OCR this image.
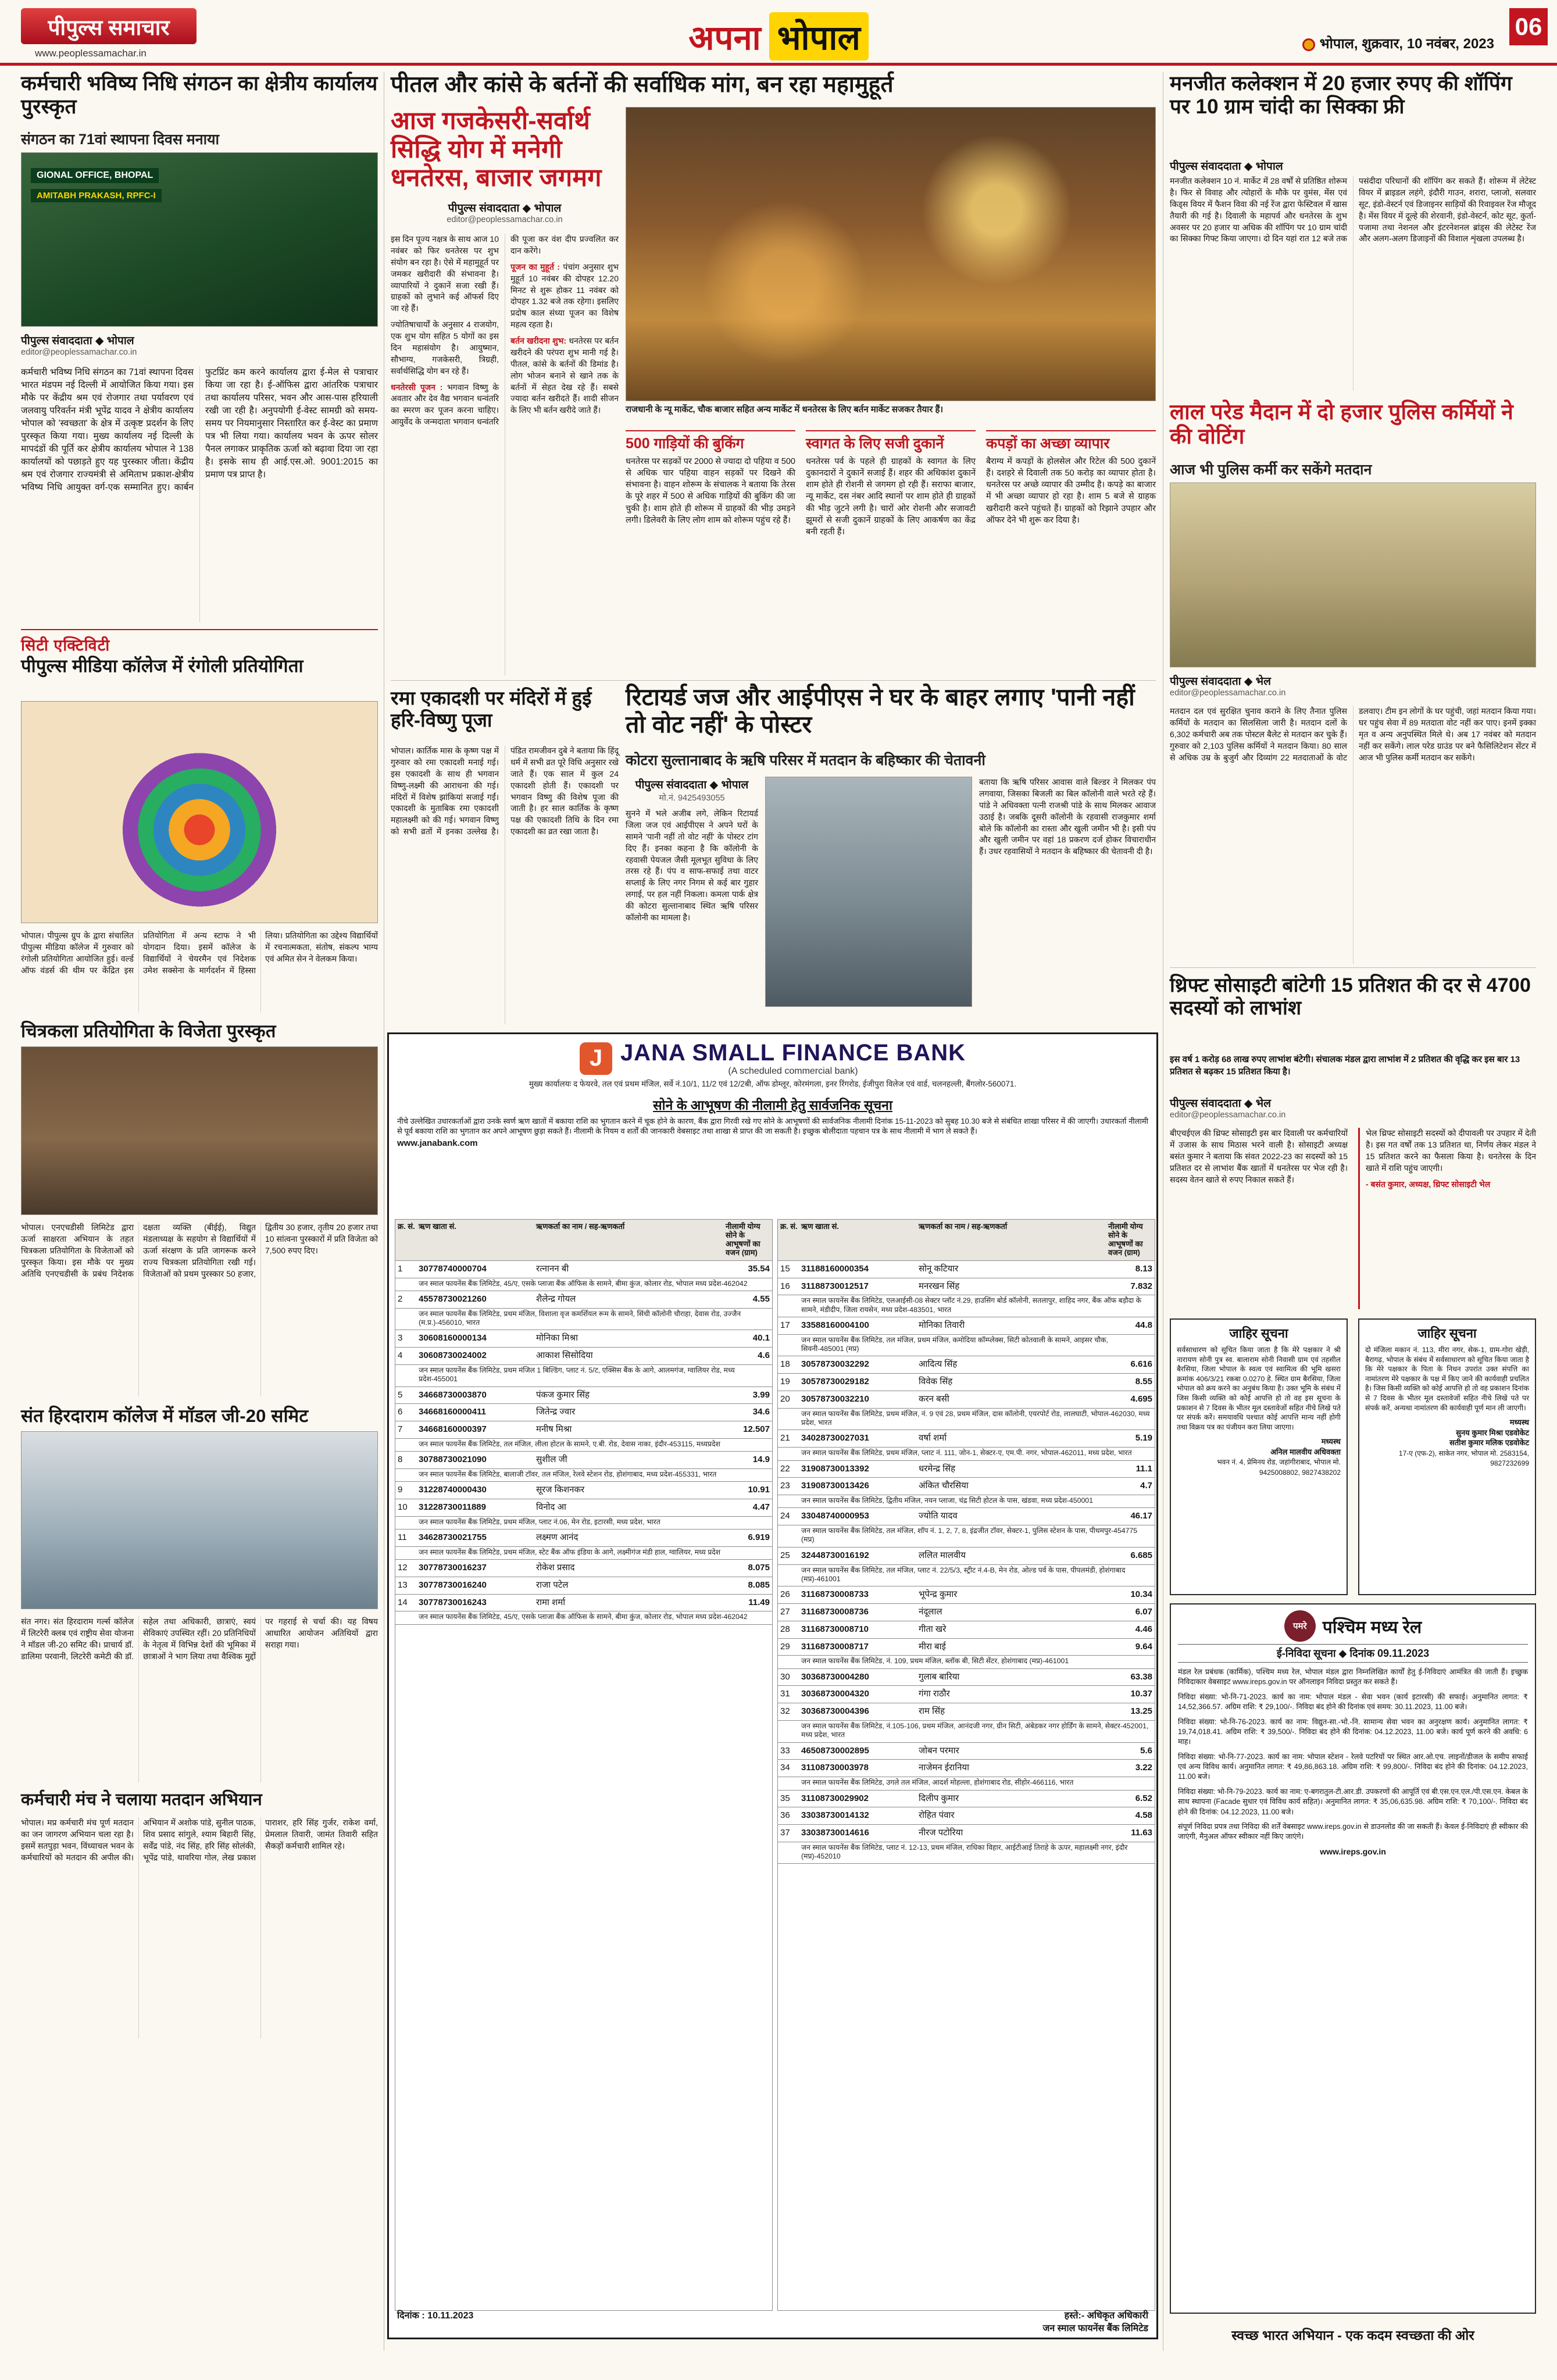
पीपुल्स समाचार
www.peoplessamachar.in	अपना भोपाल	भोपाल, शुक्रवार, 10 नवंबर, 2023
06
कर्मचारी भविष्य निधि संगठन का क्षेत्रीय कार्यालय पुरस्कृत
संगठन का 71वां स्थापना दिवस मनाया
GIONAL OFFICE, BHOPAL
AMITABH PRAKASH, RPFC-I
पीपुल्स संवाददाता ◆ भोपाल
editor@peoplessamachar.co.in
कर्मचारी भविष्य निधि संगठन का 71वां स्थापना दिवस भारत मंडपम नई दिल्ली में आयोजित किया गया। इस मौके पर केंद्रीय श्रम एवं रोजगार तथा पर्यावरण एवं जलवायु परिवर्तन मंत्री भूपेंद्र यादव ने क्षेत्रीय कार्यालय भोपाल को 'स्वच्छता' के क्षेत्र में उत्कृष्ट प्रदर्शन के लिए पुरस्कृत किया गया। मुख्य कार्यालय नई दिल्ली के मापदंडों की पूर्ति कर क्षेत्रीय कार्यालय भोपाल ने 138 कार्यालयों को पछाड़ते हुए यह पुरस्कार जीता। केंद्रीय श्रम एवं रोजगार राज्यमंत्री से अमिताभ प्रकाश-क्षेत्रीय भविष्य निधि आयुक्त वर्ग-एक सम्मानित हुए। कार्बन फुटप्रिंट कम करने कार्यालय द्वारा ई-मेल से पत्राचार किया जा रहा है। ई-ऑफिस द्वारा आंतरिक पत्राचार तथा कार्यालय परिसर, भवन और आस-पास हरियाली रखी जा रही है। अनुपयोगी ई-वेस्ट सामग्री को समय-समय पर नियमानुसार निस्तारित कर ई-वेस्ट का प्रमाण पत्र भी लिया गया। कार्यालय भवन के ऊपर सोलर पैनल लगाकर प्राकृतिक ऊर्जा को बढ़ावा दिया जा रहा है। इसके साथ ही आई.एस.ओ. 9001:2015 का प्रमाण पत्र प्राप्त है।
सिटी एक्टिविटी
पीपुल्स मीडिया कॉलेज में रंगोली प्रतियोगिता
भोपाल। पीपुल्स ग्रुप के द्वारा संचालित पीपुल्स मीडिया कॉलेज में गुरुवार को रंगोली प्रतियोगिता आयोजित हुई। वर्ल्ड ऑफ वंडर्स की थीम पर केंद्रित इस प्रतियोगिता में अन्य स्टाफ ने भी योगदान दिया। इसमें कॉलेज के विद्यार्थियों ने चेयरमैन एवं निदेशक उमेश सक्सेना के मार्गदर्शन में हिस्सा लिया। प्रतियोगिता का उद्देश्य विद्यार्थियों में रचनात्मकता, संतोष, संकल्प भाग्य एवं अमित सेन ने वेलकम किया।
चित्रकला प्रतियोगिता के विजेता पुरस्कृत
भोपाल। एनएचडीसी लिमिटेड द्वारा ऊर्जा साक्षरता अभियान के तहत चित्रकला प्रतियोगिता के विजेताओं को पुरस्कृत किया। इस मौके पर मुख्य अतिथि एनएचडीसी के प्रबंध निदेशक दक्षता व्यक्ति (बीईई), विद्युत मंडलाध्यक्ष के सहयोग से विद्यार्थियों में ऊर्जा संरक्षण के प्रति जागरूक करने राज्य चित्रकला प्रतियोगिता रखी गई। विजेताओं को प्रथम पुरस्कार 50 हजार, द्वितीय 30 हजार, तृतीय 20 हजार तथा 10 सांत्वना पुरस्कारों में प्रति विजेता को 7,500 रुपए दिए।
संत हिरदाराम कॉलेज में मॉडल जी-20 समिट
संत नगर। संत हिरदाराम गर्ल्स कॉलेज में लिटरेरी क्लब एवं राष्ट्रीय सेवा योजना ने मॉडल जी-20 समिट की। प्राचार्य डॉ. डालिमा परवानी, लिटरेरी कमेटी की डॉ. सहेल तथा अधिकारी, छात्राएं, स्वयं सेविकाएं उपस्थित रहीं। 20 प्रतिनिधियों के नेतृत्व में विभिन्न देशों की भूमिका में छात्राओं ने भाग लिया तथा वैश्विक मुद्दों पर गहराई से चर्चा की। यह विषय आधारित आयोजन अतिथियों द्वारा सराहा गया।
कर्मचारी मंच ने चलाया मतदान अभियान
भोपाल। मप्र कर्मचारी मंच पूर्ण मतदान का जन जागरण अभियान चला रहा है। इसमें सतपुड़ा भवन, विंध्याचल भवन के कर्मचारियों को मतदान की अपील की। अभियान में अशोक पांडे, सुनील पाठक, शिव प्रसाद सांगुले, श्याम बिहारी सिंह, सर्वेंद्र पांडे, नंद सिंह, हरि सिंह सोलंकी, भूपेंद्र पांडे, थावरिया गोल, लेख प्रकाश पाराशर, हरि सिंह गुर्जर, राकेश वर्मा, प्रेमलाल तिवारी, जामंत तिवारी सहित सैकड़ों कर्मचारी शामिल रहे।
पीतल और कांसे के बर्तनों की सर्वाधिक मांग, बन रहा महामुहूर्त
आज गजकेसरी-सर्वार्थ सिद्धि योग में मनेगी धनतेरस, बाजार जगमग
पीपुल्स संवाददाता ◆ भोपाल
editor@peoplessamachar.co.in

इस दिन पूज्य नक्षत्र के साथ आज 10 नवंबर को फिर धनतेरस पर शुभ संयोग बन रहा है। ऐसे में महामुहूर्त पर जमकर खरीदारी की संभावना है। व्यापारियों ने दुकानें सजा रखी हैं। ग्राहकों को लुभाने कई ऑफर्स दिए जा रहे हैं।

ज्योतिषाचार्यों के अनुसार 4 राजयोग, एक शुभ योग सहित 5 योगों का इस दिन महासंयोग है। आयुष्मान, सौभाग्य, गजकेसरी, त्रिग्रही, सर्वार्थसिद्धि योग बन रहे हैं।

धनतेरसी पूजन : भगवान विष्णु के अवतार और देव वैद्य भगवान धन्वंतरि का स्मरण कर पूजन करना चाहिए। आयुर्वेद के जन्मदाता भगवान धन्वंतरि की पूजा कर वंश दीप प्रज्वलित कर दान करेंगे।

पूजन का मुहूर्त : पंचांग अनुसार शुभ मुहूर्त 10 नवंबर की दोपहर 12.20 मिनट से शुरू होकर 11 नवंबर को दोपहर 1.32 बजे तक रहेगा। इसलिए प्रदोष काल संध्या पूजन का विशेष महत्व रहता है।

बर्तन खरीदना शुभ: धनतेरस पर बर्तन खरीदने की परंपरा शुभ मानी गई है। पीतल, कांसे के बर्तनों की डिमांड है। लोग भोजन बनाने से खाने तक के बर्तनों में सेहत देख रहे हैं। सबसे ज्यादा बर्तन खरीदते हैं। शादी सीजन के लिए भी बर्तन खरीदे जाते हैं।	राजधानी के न्यू मार्केट, चौक बाजार सहित अन्य मार्केट में धनतेरस के लिए बर्तन मार्केट सजकर तैयार हैं।

500 गाड़ियों की बुकिंग

धनतेरस पर सड़कों पर 2000 से ज्यादा दो पहिया व 500 से अधिक चार पहिया वाहन सड़कों पर दिखने की संभावना है। वाहन शोरूम के संचालक ने बताया कि तेरस के पूरे शहर में 500 से अधिक गाड़ियों की बुकिंग की जा चुकी है। शाम होते ही शोरूम में ग्राहकों की भीड़ उमड़ने लगी। डिलेवरी के लिए लोग शाम को शोरूम पहुंच रहे हैं।

स्वागत के लिए सजी दुकानें

धनतेरस पर्व के पहले ही ग्राहकों के स्वागत के लिए दुकानदारों ने दुकानें सजाई हैं। शहर की अधिकांश दुकानें शाम होते ही रोशनी से जगमग हो रही हैं। सराफा बाजार, न्यू मार्केट, दस नंबर आदि स्थानों पर शाम होते ही ग्राहकों की भीड़ जुटने लगी है। चारों ओर रोशनी और सजावटी झूमरों से सजी दुकानें ग्राहकों के लिए आकर्षण का केंद्र बनी रहती हैं।

कपड़ों का अच्छा व्यापार

बैराग्य में कपड़ों के होलसेल और रिटेल की 500 दुकानें हैं। दशहरे से दिवाली तक 50 करोड़ का व्यापार होता है। धनतेरस पर अच्छे व्यापार की उम्मीद है। कपड़े का बाजार में भी अच्छा व्यापार हो रहा है। शाम 5 बजे से ग्राहक खरीदारी करने पहुंचते हैं। ग्राहकों को रिझाने उपहार और ऑफर देने भी शुरू कर दिया है।
रमा एकादशी पर मंदिरों में हुई हरि-विष्णु पूजा
भोपाल। कार्तिक मास के कृष्ण पक्ष में गुरुवार को रमा एकादशी मनाई गई। इस एकादशी के साथ ही भगवान विष्णु-लक्ष्मी की आराधना की गई। मंदिरों में विशेष झांकियां सजाई गईं। एकादशी के मुताबिक रमा एकादशी महालक्ष्मी को की गई। भगवान विष्णु को सभी व्रतों में इनका उल्लेख है। पंडित रामजीवन दुबे ने बताया कि हिंदू धर्म में सभी व्रत पूरे विधि अनुसार रखे जाते हैं। एक साल में कुल 24 एकादशी होती हैं। एकादशी पर भगवान विष्णु की विशेष पूजा की जाती है। हर साल कार्तिक के कृष्ण पक्ष की एकादशी तिथि के दिन रमा एकादशी का व्रत रखा जाता है।
रिटायर्ड जज और आईपीएस ने घर के बाहर लगाए 'पानी नहीं तो वोट नहीं' के पोस्टर
कोटरा सुल्तानाबाद के ऋषि परिसर में मतदान के बहिष्कार की चेतावनी
पीपुल्स संवाददाता ◆ भोपाल
मो.नं. 9425493055
सुनने में भले अजीब लगे, लेकिन रिटायर्ड जिला जज एवं आईपीएस ने अपने घरों के सामने 'पानी नहीं तो वोट नहीं' के पोस्टर टांग दिए हैं। इनका कहना है कि कॉलोनी के रहवासी पेयजल जैसी मूलभूत सुविधा के लिए तरस रहे हैं। पंप व साफ-सफाई तथा वाटर सप्लाई के लिए नगर निगम से कई बार गुहार लगाई, पर हल नहीं निकला। कमला पार्क क्षेत्र की कोटरा सुल्तानाबाद स्थित ऋषि परिसर कॉलोनी का मामला है।
बताया कि ऋषि परिसर आवास वाले बिल्डर ने मिलकर पंप लगवाया, जिसका बिजली का बिल कॉलोनी वाले भरते रहे हैं। पांडे ने अधिवक्ता पत्नी राजश्री पांडे के साथ मिलकर आवाज उठाई है। जबकि दूसरी कॉलोनी के रहवासी राजकुमार शर्मा बोले कि कॉलोनी का रास्ता और खुली जमीन भी है। इसी पंप और खुली जमीन पर वहां 18 प्रकरण दर्ज होकर विचाराधीन हैं। उधर रहवासियों ने मतदान के बहिष्कार की चेतावनी दी है।
J JANA SMALL FINANCE BANK
(A scheduled commercial bank)
मुख्य कार्यालयः द फेयरवे, तल एवं प्रथम मंजिल, सर्वे नं.10/1, 11/2 एवं 12/2बी, ऑफ डोम्लूर, कोरमंगला, इनर रिंगरोड, ईजीपुरा विलेज एवं वार्ड, चलनहल्ली, बैंगलोर-560071.
सोने के आभूषण की नीलामी हेतु सार्वजनिक सूचना
नीचे उल्लेखित उधारकर्ताओं द्वारा उनके स्वर्ण ऋण खातों में बकाया राशि का भुगतान करने में चूक होने के कारण, बैंक द्वारा गिरवी रखे गए सोने के आभूषणों की सार्वजनिक नीलामी दिनांक 15-11-2023 को सुबह 10.30 बजे से संबंधित शाखा परिसर में की जाएगी। उधारकर्ता नीलामी से पूर्व बकाया राशि का भुगतान कर अपने आभूषण छुड़ा सकते हैं। नीलामी के नियम व शर्तों की जानकारी वेबसाइट तथा शाखा से प्राप्त की जा सकती है। इच्छुक बोलीदाता पहचान पत्र के साथ नीलामी में भाग ले सकते हैं।
www.janabank.com
क्र. सं. ऋण खाता सं.	ऋणकर्ता का नाम / सह-ऋणकर्ता	नीलामी योग्य सोने के आभूषणों का वजन (ग्राम)
1	30778740000704	रत्नानन बी	35.54
जन स्माल फायनेंस बैंक लिमिटेड, 45/ए, एसके प्लाजा बैंक ऑफिस के सामने, बीमा कुंज, कोलार रोड, भोपाल मध्य प्रदेश-462042
2	45578730021260	शैलेन्द्र गोयल	4.55
जन स्माल फायनेंस बैंक लिमिटेड, प्रथम मंजिल, विशाला वृज कमर्शियल रूम के सामने, सिंधी कॉलोनी चौराहा, देवास रोड, उज्जैन (म.प्र.)-456010, भारत
3	30608160000134	मोनिका मिश्रा	40.1
4	30608730024002	आकाश सिसोदिया	4.6
जन स्माल फायनेंस बैंक लिमिटेड, प्रथम मंजिल 1 बिल्डिंग, प्लाट नं. 5/ट, एक्सिस बैंक के आगे, आलमगंज, ग्वालियर रोड, मध्य प्रदेश-455001
5	34668730003870	पंकज कुमार सिंह	3.99
6	34668160000411	जितेन्द्र ज्वार	34.6
7	34668160000397	मनीष मिश्रा	12.507
जन स्माल फायनेंस बैंक लिमिटेड, तल मंजिल, लीला होटल के सामने, ए.बी. रोड, देवास नाका, इंदौर-453115, मध्यप्रदेश
8	30788730021090	सुशील जी	14.9
जन स्माल फायनेंस बैंक लिमिटेड, बालाजी टॉवर, तल मंजिल, रेलवे स्टेशन रोड, होशंगाबाद, मध्य प्रदेश-455331, भारत
9	31228740000430	सूरज किशनकर	10.91
10	31228730011889	विनोद आ	4.47
जन स्माल फायनेंस बैंक लिमिटेड, प्रथम मंजिल, प्लाट नं.06, मेन रोड, इटारसी, मध्य प्रदेश, भारत
11	34628730021755	लक्ष्मण आनंद	6.919
जन स्माल फायनेंस बैंक लिमिटेड, प्रथम मंजिल, स्टेट बैंक ऑफ इंडिया के आगे, लक्ष्मीगंज मंडी हाल, ग्वालियर, मध्य प्रदेश
12	30778730016237	रोकेश प्रसाद	8.075
13	30778730016240	राजा पटेल	8.085
14	30778730016243	रामा शर्मा	11.49
जन स्माल फायनेंस बैंक लिमिटेड, 45/ए, एसके प्लाजा बैंक ऑफिस के सामने, बीमा कुंज, कोलार रोड, भोपाल मध्य प्रदेश-462042
क्र. सं. ऋण खाता सं.	ऋणकर्ता का नाम / सह-ऋणकर्ता	नीलामी योग्य सोने के आभूषणों का वजन (ग्राम)
15	31188160000354	सोनू कटियार	8.13
16	31188730012517	मनरखन सिंह	7.832
जन स्माल फायनेंस बैंक लिमिटेड, एलआईसी-08 सेक्टर प्लॉट नं.29, हाउसिंग बोर्ड कॉलोनी, सतलापुर, शाहिद नगर, बैंक ऑफ बड़ौदा के सामने, मंडीदीप, जिला रायसेन, मध्य प्रदेश-483501, भारत
17	33588160004100	मोनिका तिवारी	44.8
जन स्माल फायनेंस बैंक लिमिटेड, तल मंजिल, प्रथम मंजिल, कमोदिया कॉम्प्लेक्स, सिटी कोतवाली के सामने, आइसर चौक, सिवनी-485001 (मप्र)
18	30578730032292	आदित्य सिंह	6.616
19	30578730029182	विवेक सिंह	8.55
20	30578730032210	करन बसी	4.695
जन स्माल फायनेंस बैंक लिमिटेड, प्रथम मंजिल, नं. 9 एवं 28, प्रथम मंजिल, दास कॉलोनी, एयरपोर्ट रोड, लालघाटी, भोपाल-462030, मध्य प्रदेश, भारत
21	34028730027031	वर्षा शर्मा	5.19
जन स्माल फायनेंस बैंक लिमिटेड, प्रथम मंजिल, प्लाट नं. 111, जोन-1, सेक्टर-ए, एम.पी. नगर, भोपाल-462011, मध्य प्रदेश, भारत
22	31908730013392	धरमेन्द्र सिंह	11.1
23	31908730013426	अंकित चौरसिया	4.7
जन स्माल फायनेंस बैंक लिमिटेड, द्वितीय मंजिल, नयन प्लाजा, चंद्र सिटी होटल के पास, खंडवा, मध्य प्रदेश-450001
24	33048740000953	ज्योति यादव	46.17
जन स्माल फायनेंस बैंक लिमिटेड, तल मंजिल, शॉप नं. 1, 2, 7, 8, इंद्रजीत टॉवर, सेक्टर-1, पुलिस स्टेशन के पास, पीथमपुर-454775 (मप्र)
25	32448730016192	ललित मालवीय	6.685
जन स्माल फायनेंस बैंक लिमिटेड, तल मंजिल, प्लाट नं. 22/5/3, स्ट्रीट नं.4-B, मेन रोड, ओल्ड पर्व के पास, पीपलमंडी, होशंगाबाद (मप्र)-461001
26	31168730008733	भूपेन्द्र कुमार	10.34
27	31168730008736	नंदूलाल	6.07
28	31168730008710	गीता खरे	4.46
29	31168730008717	मीरा बाई	9.64
जन स्माल फायनेंस बैंक लिमिटेड, नं. 109, प्रथम मंजिल, ब्लॉक बी, सिटी सेंटर, होशंगाबाद (मप्र)-461001
30	30368730004280	गुलाब बारिया	63.38
31	30368730004320	गंगा राठौर	10.37
32	30368730004396	राम सिंह	13.25
जन स्माल फायनेंस बैंक लिमिटेड, नं.105-106, प्रथम मंजिल, आनंदजी नगर, ग्रीन सिटी, अंबेडकर नगर होर्डिंग के सामने, सेक्टर-452001, मध्य प्रदेश, भारत
33	46508730002895	जोबन परमार	5.6
34	31108730003978	नाजेमन ईरानिया	3.22
जन स्माल फायनेंस बैंक लिमिटेड, उगले तल मंजिल, आदर्श मोहल्ला, होशंगाबाद रोड, सीहोर-466116, भारत
35	31108730029902	दिलीप कुमार	6.52
36	33038730014132	रोहित पंवार	4.58
37	33038730014616	नीरज पटोरिया	11.63
जन स्माल फायनेंस बैंक लिमिटेड, प्लाट नं. 12-13, प्रथम मंजिल, राधिका विहार, आईटीआई तिराहे के ऊपर, महालक्ष्मी नगर, इंदौर (मप्र)-452010
दिनांक : 10.11.2023	हस्ते:- अधिकृत अधिकारी
जन स्माल फायनेंस बैंक लिमिटेड
मनजीत कलेक्शन में 20 हजार रुपए की शॉपिंग पर 10 ग्राम चांदी का सिक्का फ्री
पीपुल्स संवाददाता ◆ भोपाल
मनजीत कलेक्शन 10 नं. मार्केट में 28 वर्षों से प्रतिष्ठित शोरूम है। फिर से विवाह और त्योहारों के मौके पर वुमंस, मेंस एवं किड्स वियर में फैशन विवा की नई रेंज द्वारा फेस्टिवल में खास तैयारी की गई है। दिवाली के महापर्व और धनतेरस के शुभ अवसर पर 20 हजार या अधिक की शॉपिंग पर 10 ग्राम चांदी का सिक्का गिफ्ट किया जाएगा। दो दिन यहां रात 12 बजे तक पसंदीदा परिधानों की शॉपिंग कर सकते हैं। शोरूम में लेटेस्ट वियर में ब्राइडल लहंगे, इंदौरी गाउन, शरारा, प्लाजो, सलवार सूट, इंडो-वेस्टर्न एवं डिजाइनर साड़ियों की रिवाइवल रेंज मौजूद है। मेंस वियर में दूल्हे की शेरवानी, इंडो-वेस्टर्न, कोट सूट, कुर्ता-पजामा तथा नेशनल और इंटरनेशनल ब्रांड्स की लेटेस्ट रेंज और अलग-अलग डिजाइनों की विशाल शृंखला उपलब्ध है।
लाल परेड मैदान में दो हजार पुलिस कर्मियों ने की वोटिंग
आज भी पुलिस कर्मी कर सकेंगे मतदान
पीपुल्स संवाददाता ◆ भेल
editor@peoplessamachar.co.in
मतदान दल एवं सुरक्षित चुनाव कराने के लिए तैनात पुलिस कर्मियों के मतदान का सिलसिला जारी है। मतदान दलों के 6,302 कर्मचारी अब तक पोस्टल बैलेट से मतदान कर चुके हैं। गुरुवार को 2,103 पुलिस कर्मियों ने मतदान किया। 80 साल से अधिक उम्र के बुजुर्ग और दिव्यांग 22 मतदाताओं के वोट डलवाए। टीम इन लोगों के घर पहुंची, जहां मतदान किया गया। घर पहुंच सेवा में 89 मतदाता वोट नहीं कर पाए। इनमें इक्का मृत व अन्य अनुपस्थित मिले थे। अब 17 नवंबर को मतदान नहीं कर सकेंगे। लाल परेड ग्राउंड पर बने फैसिलिटेशन सेंटर में आज भी पुलिस कर्मी मतदान कर सकेंगे।
थ्रिफ्ट सोसाइटी बांटेगी 15 प्रतिशत की दर से 4700 सदस्यों को लाभांश
इस वर्ष 1 करोड़ 68 लाख रुपए लाभांश बंटेगी। संचालक मंडल द्वारा लाभांश में 2 प्रतिशत की वृद्धि कर इस बार 13 प्रतिशत से बढ़कर 15 प्रतिशत किया है।
पीपुल्स संवाददाता ◆ भेल
editor@peoplessamachar.co.in
बीएचईएल की थ्रिफ्ट सोसाइटी इस बार दिवाली पर कर्मचारियों में उजास के साथ मिठास भरने वाली है। सोसाइटी अध्यक्ष बसंत कुमार ने बताया कि संवत 2022-23 का सदस्यों को 15 प्रतिशत दर से लाभांश बैंक खातों में धनतेरस पर भेज रही है। सदस्य वेतन खाते से रुपए निकाल सकते हैं।
भेल थ्रिफ्ट सोसाइटी सदस्यों को दीपावली पर उपहार में देती है। इस गत वर्षों तक 13 प्रतिशत था, निर्णय लेकर मंडल ने 15 प्रतिशत करने का फैसला किया है। धनतेरस के दिन खाते में राशि पहुंच जाएगी।
- बसंत कुमार, अध्यक्ष, थ्रिफ्ट सोसाइटी भेल

जाहिर सूचना

सर्वसाधारण को सूचित किया जाता है कि मेरे पक्षकार ने श्री नारायण सोनी पुत्र स्व. बालाराम सोनी निवासी ग्राम एवं तहसील बैरसिया, जिला भोपाल के स्वत्व एवं स्वामित्व की भूमि खसरा क्रमांक 406/3/21 रकबा 0.0270 हे. स्थित ग्राम बैरसिया, जिला भोपाल को क्रय करने का अनुबंध किया है। उक्त भूमि के संबंध में जिस किसी व्यक्ति को कोई आपत्ति हो तो वह इस सूचना के प्रकाशन से 7 दिवस के भीतर मूल दस्तावेजों सहित नीचे लिखे पते पर संपर्क करें। समयावधि पश्चात कोई आपत्ति मान्य नहीं होगी तथा विक्रय पत्र का पंजीयन करा लिया जाएगा।
मध्यस्थ
अनिल मालवीय अधिवक्ता
भवन नं. 4, प्रेमिनय रोड, जहांगीराबाद, भोपाल मो. 9425008802, 9827438202

जाहिर सूचना

दो मंजिला मकान नं. 113, मीरा नगर, सेक-1, ग्राम-गोरा खेड़ी, बैरागढ़, भोपाल के संबंध में सर्वसाधारण को सूचित किया जाता है कि मेरे पक्षकार के पिता के निधन उपरांत उक्त संपत्ति का नामांतरण मेरे पक्षकार के पक्ष में किए जाने की कार्यवाही प्रचलित है। जिस किसी व्यक्ति को कोई आपत्ति हो तो वह प्रकाशन दिनांक से 7 दिवस के भीतर मूल दस्तावेजों सहित नीचे लिखे पते पर संपर्क करें, अन्यथा नामांतरण की कार्यवाही पूर्ण मान ली जाएगी।
मध्यस्थ
सुनय कुमार मिश्रा एडवोकेट
सतीश कुमार मलिक एडवोकेट
17-ए (एफ-2), साकेत नगर, भोपाल मो. 2583154, 9827232699
पमरे पश्चिम मध्य रेल
ई-निविदा सूचना ◆ दिनांक 09.11.2023

मंडल रेल प्रबंधक (कार्मिक), पश्चिम मध्य रेल, भोपाल मंडल द्वारा निम्नलिखित कार्यों हेतु ई-निविदाएं आमंत्रित की जाती हैं। इच्छुक निविदाकार वेबसाइट www.ireps.gov.in पर ऑनलाइन निविदा प्रस्तुत कर सकते हैं।

निविदा संख्या: भो-नि-71-2023. कार्य का नाम: भोपाल मंडल - सेवा भवन (कार्य इटारसी) की सफाई। अनुमानित लागत: ₹ 14,52,366.57. अग्रिम राशि: ₹ 29,100/-. निविदा बंद होने की दिनांक एवं समय: 30.11.2023, 11.00 बजे।

निविदा संख्या: भो-नि-76-2023. कार्य का नाम: विद्युत-सा.-भो.-नि. सामान्य सेवा भवन का अनुरक्षण कार्य। अनुमानित लागत: ₹ 19,74,018.41. अग्रिम राशि: ₹ 39,500/-. निविदा बंद होने की दिनांक: 04.12.2023, 11.00 बजे। कार्य पूर्ण करने की अवधि: 6 माह।

निविदा संख्या: भो-नि-77-2023. कार्य का नाम: भोपाल स्टेशन - रेलवे पटरियों पर स्थित आर.ओ.एच. लाइनों/डीजल के समीप सफाई एवं अन्य विविध कार्य। अनुमानित लागत: ₹ 49,86,863.18. अग्रिम राशि: ₹ 99,800/-. निविदा बंद होने की दिनांक: 04.12.2023, 11.00 बजे।

निविदा संख्या: भो-नि-79-2023. कार्य का नाम: ए-बगरातुल-टी.आर.डी. उपकरणों की आपूर्ति एवं बी.एस.एन.एल./पी.एस.एन. केबल के साथ स्थापना (Facade सुधार एवं विविध कार्य सहित)। अनुमानित लागत: ₹ 35,06,635.98. अग्रिम राशि: ₹ 70,100/-. निविदा बंद होने की दिनांक: 04.12.2023, 11.00 बजे।

संपूर्ण निविदा प्रपत्र तथा निविदा की शर्तें वेबसाइट www.ireps.gov.in से डाउनलोड की जा सकती हैं। केवल ई-निविदाएं ही स्वीकार की जाएंगी, मैनुअल ऑफर स्वीकार नहीं किए जाएंगे।

www.ireps.gov.in
स्वच्छ भारत अभियान - एक कदम स्वच्छता की ओर
